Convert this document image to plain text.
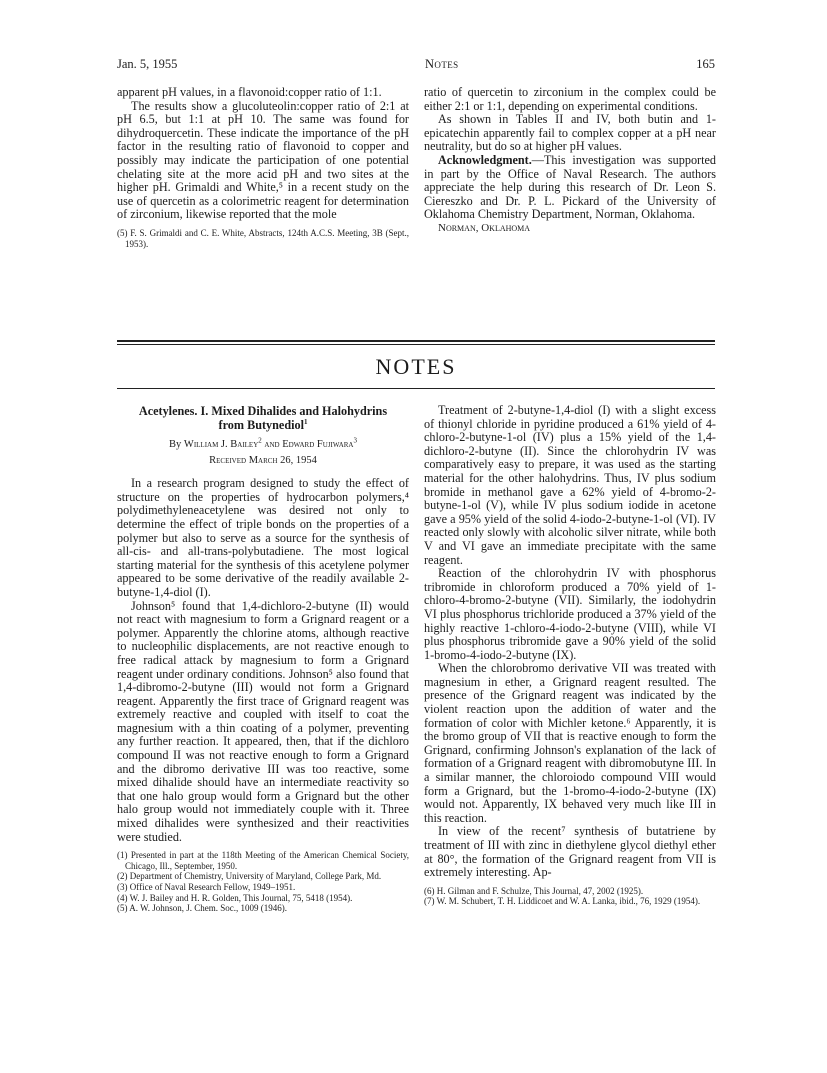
Jan. 5, 1955	Notes	165

apparent pH values, in a flavonoid:copper ratio of 1:1.

The results show a glucoluteolin:copper ratio of 2:1 at pH 6.5, but 1:1 at pH 10. The same was found for dihydroquercetin. These indicate the importance of the pH factor in the resulting ratio of flavonoid to copper and possibly may indicate the participation of one potential chelating site at the more acid pH and two sites at the higher pH. Grimaldi and White,⁵ in a recent study on the use of quercetin as a colorimetric reagent for determination of zirconium, likewise reported that the mole

(5) F. S. Grimaldi and C. E. White, Abstracts, 124th A.C.S. Meeting, 3B (Sept., 1953).

ratio of quercetin to zirconium in the complex could be either 2:1 or 1:1, depending on experimental conditions.

As shown in Tables II and IV, both butin and 1-epicatechin apparently fail to complex copper at a pH near neutrality, but do so at higher pH values.

Acknowledgment.—This investigation was supported in part by the Office of Naval Research. The authors appreciate the help during this research of Dr. Leon S. Ciereszko and Dr. P. L. Pickard of the University of Oklahoma Chemistry Department, Norman, Oklahoma.

Norman, Oklahoma

NOTES
Acetylenes. I. Mixed Dihalides and Halohydrins
from Butynediol$^1$
By William J. Bailey$^2$ and Edward Fujiwara$^3$
Received March 26, 1954

In a research program designed to study the effect of structure on the properties of hydrocarbon polymers,⁴ polydimethyleneacetylene was desired not only to determine the effect of triple bonds on the properties of a polymer but also to serve as a source for the synthesis of all-cis- and all-trans-polybutadiene. The most logical starting material for the synthesis of this acetylene polymer appeared to be some derivative of the readily available 2-butyne-1,4-diol (I).

Johnson⁵ found that 1,4-dichloro-2-butyne (II) would not react with magnesium to form a Grignard reagent or a polymer. Apparently the chlorine atoms, although reactive to nucleophilic displacements, are not reactive enough to free radical attack by magnesium to form a Grignard reagent under ordinary conditions. Johnson⁵ also found that 1,4-dibromo-2-butyne (III) would not form a Grignard reagent. Apparently the first trace of Grignard reagent was extremely reactive and coupled with itself to coat the magnesium with a thin coating of a polymer, preventing any further reaction. It appeared, then, that if the dichloro compound II was not reactive enough to form a Grignard and the dibromo derivative III was too reactive, some mixed dihalide should have an intermediate reactivity so that one halo group would form a Grignard but the other halo group would not immediately couple with it. Three mixed dihalides were synthesized and their reactivities were studied.

(1) Presented in part at the 118th Meeting of the American Chemical Society, Chicago, Ill., September, 1950.

(2) Department of Chemistry, University of Maryland, College Park, Md.

(3) Office of Naval Research Fellow, 1949–1951.

(4) W. J. Bailey and H. R. Golden, This Journal, 75, 5418 (1954).

(5) A. W. Johnson, J. Chem. Soc., 1009 (1946).

Treatment of 2-butyne-1,4-diol (I) with a slight excess of thionyl chloride in pyridine produced a 61% yield of 4-chloro-2-butyne-1-ol (IV) plus a 15% yield of the 1,4-dichloro-2-butyne (II). Since the chlorohydrin IV was comparatively easy to prepare, it was used as the starting material for the other halohydrins. Thus, IV plus sodium bromide in methanol gave a 62% yield of 4-bromo-2-butyne-1-ol (V), while IV plus sodium iodide in acetone gave a 95% yield of the solid 4-iodo-2-butyne-1-ol (VI). IV reacted only slowly with alcoholic silver nitrate, while both V and VI gave an immediate precipitate with the same reagent.

Reaction of the chlorohydrin IV with phosphorus tribromide in chloroform produced a 70% yield of 1-chloro-4-bromo-2-butyne (VII). Similarly, the iodohydrin VI plus phosphorus trichloride produced a 37% yield of the highly reactive 1-chloro-4-iodo-2-butyne (VIII), while VI plus phosphorus tribromide gave a 90% yield of the solid 1-bromo-4-iodo-2-butyne (IX).

When the chlorobromo derivative VII was treated with magnesium in ether, a Grignard reagent resulted. The presence of the Grignard reagent was indicated by the violent reaction upon the addition of water and the formation of color with Michler ketone.⁶ Apparently, it is the bromo group of VII that is reactive enough to form the Grignard, confirming Johnson's explanation of the lack of formation of a Grignard reagent with dibromobutyne III. In a similar manner, the chloroiodo compound VIII would form a Grignard, but the 1-bromo-4-iodo-2-butyne (IX) would not. Apparently, IX behaved very much like III in this reaction.

In view of the recent⁷ synthesis of butatriene by treatment of III with zinc in diethylene glycol diethyl ether at 80°, the formation of the Grignard reagent from VII is extremely interesting. Ap-

(6) H. Gilman and F. Schulze, This Journal, 47, 2002 (1925).

(7) W. M. Schubert, T. H. Liddicoet and W. A. Lanka, ibid., 76, 1929 (1954).
